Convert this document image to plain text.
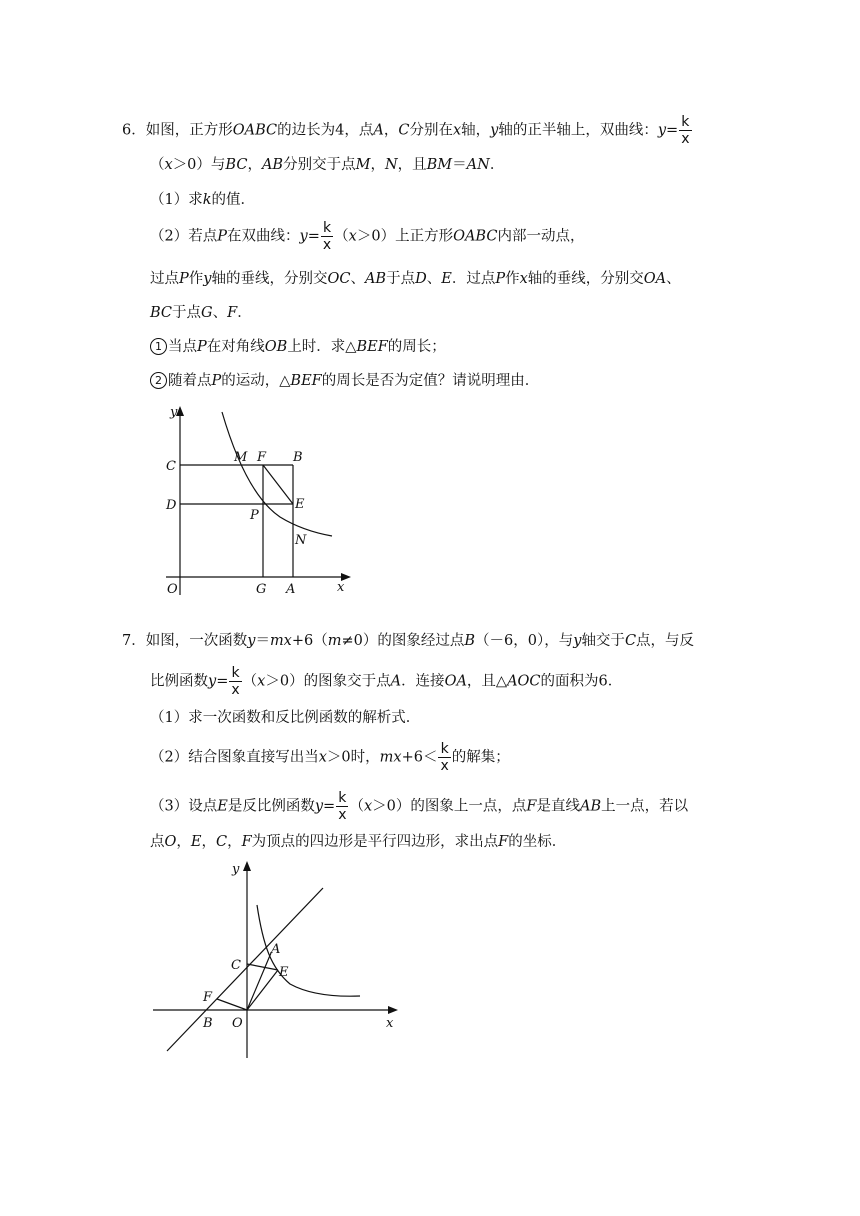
6．如图，正方形OABC的边长为4，点A，C分别在x轴，y轴的正半轴上，双曲线：$y= \frac{k}{x}$
（x＞0）与BC，AB分别交于点M，N，且BM＝AN．
（1）求k的值．
（2）若点P在双曲线：$y= \frac{k}{x} (x>0)$上正方形OABC内部一动点，
过点P作y轴的垂线，分别交OC、AB于点D、E．过点P作x轴的垂线，分别交OA、
BC于点G、F．
1 当点P在对角线OB上时．求△BEF的周长；
2 随着点P的运动，△BEF的周长是否为定值？请说明理由．
y
C
D
O
M F B
E
P
N
G A	x
7．如图，一次函数y＝mx+6（m≠0）的图象经过点B（－6，0），与y轴交于C点，与反
比例函数$y= \frac{k}{x} (x>0)$的图象交于点A．连接OA，且△AOC的面积为6．
（1）求一次函数和反比例函数的解析式．
（2）结合图象直接写出当x＞0时，$mx+6< \frac{k}{x}$ 的解集；
（3）设点E是反比例函数$y= \frac{k}{x} (x>0)$的图象上一点，点F是直线AB上一点，若以
点O，E，C，F为顶点的四边形是平行四边形，求出点F的坐标．
y
A
C	E
F
B O	x
